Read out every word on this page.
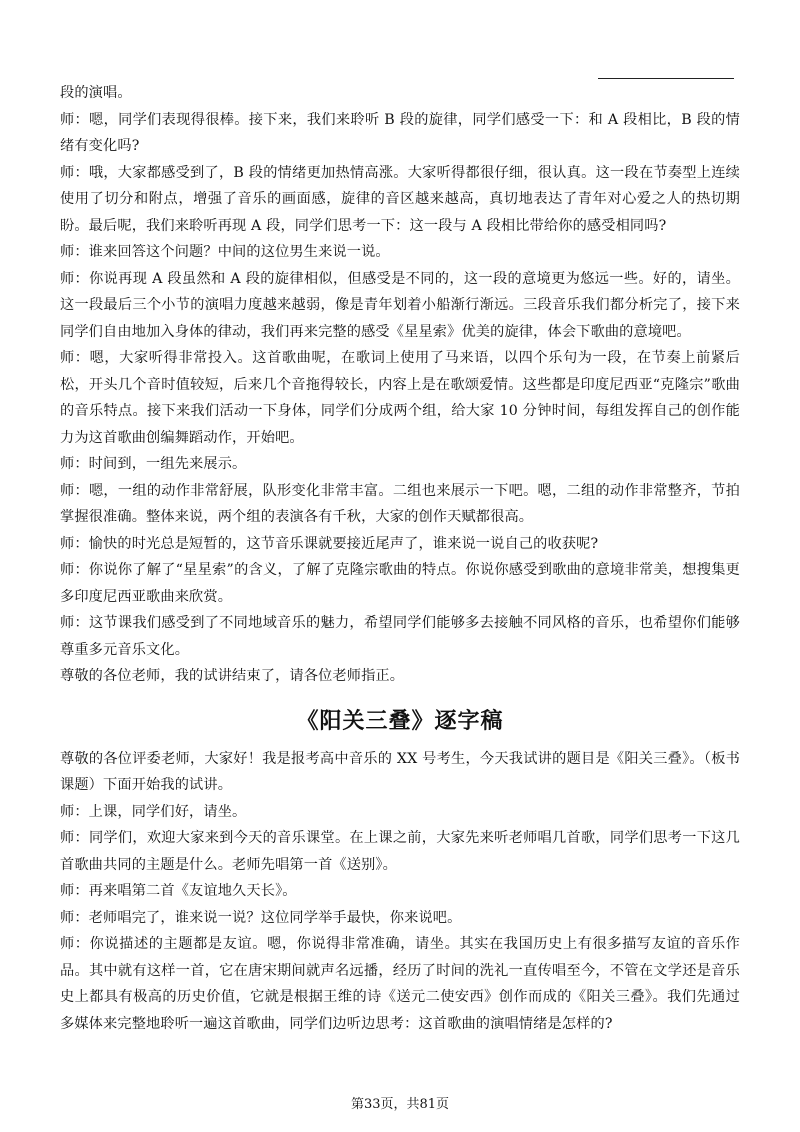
段的演唱。

师：嗯，同学们表现得很棒。接下来，我们来聆听 B 段的旋律，同学们感受一下：和 A 段相比，B 段的情绪有变化吗?

师：哦，大家都感受到了，B 段的情绪更加热情高涨。大家听得都很仔细，很认真。这一段在节奏型上连续使用了切分和附点，增强了音乐的画面感，旋律的音区越来越高，真切地表达了青年对心爱之人的热切期盼。最后呢，我们来聆听再现 A 段，同学们思考一下：这一段与 A 段相比带给你的感受相同吗?

师：谁来回答这个问题？中间的这位男生来说一说。

师：你说再现 A 段虽然和 A 段的旋律相似，但感受是不同的，这一段的意境更为悠远一些。好的，请坐。这一段最后三个小节的演唱力度越来越弱，像是青年划着小船渐行渐远。三段音乐我们都分析完了，接下来同学们自由地加入身体的律动，我们再来完整的感受《星星索》优美的旋律，体会下歌曲的意境吧。

师：嗯，大家听得非常投入。这首歌曲呢，在歌词上使用了马来语，以四个乐句为一段，在节奏上前紧后松，开头几个音时值较短，后来几个音拖得较长，内容上是在歌颂爱情。这些都是印度尼西亚“克隆宗”歌曲的音乐特点。接下来我们活动一下身体，同学们分成两个组，给大家 10 分钟时间，每组发挥自己的创作能力为这首歌曲创编舞蹈动作，开始吧。

师：时间到，一组先来展示。

师：嗯，一组的动作非常舒展，队形变化非常丰富。二组也来展示一下吧。嗯，二组的动作非常整齐，节拍掌握很准确。整体来说，两个组的表演各有千秋，大家的创作天赋都很高。

师：愉快的时光总是短暂的，这节音乐课就要接近尾声了，谁来说一说自己的收获呢?

师：你说你了解了“星星索”的含义，了解了克隆宗歌曲的特点。你说你感受到歌曲的意境非常美，想搜集更多印度尼西亚歌曲来欣赏。

师：这节课我们感受到了不同地域音乐的魅力，希望同学们能够多去接触不同风格的音乐，也希望你们能够尊重多元音乐文化。

尊敬的各位老师，我的试讲结束了，请各位老师指正。

《阳关三叠》逐字稿

尊敬的各位评委老师，大家好！我是报考高中音乐的 XX 号考生，今天我试讲的题目是《阳关三叠》。（板书课题）下面开始我的试讲。

师：上课，同学们好，请坐。

师：同学们，欢迎大家来到今天的音乐课堂。在上课之前，大家先来听老师唱几首歌，同学们思考一下这几首歌曲共同的主题是什么。老师先唱第一首《送别》。

师：再来唱第二首《友谊地久天长》。

师：老师唱完了，谁来说一说？这位同学举手最快，你来说吧。

师：你说描述的主题都是友谊。嗯，你说得非常准确，请坐。其实在我国历史上有很多描写友谊的音乐作品。其中就有这样一首，它在唐宋期间就声名远播，经历了时间的洗礼一直传唱至今，不管在文学还是音乐史上都具有极高的历史价值，它就是根据王维的诗《送元二使安西》创作而成的《阳关三叠》。我们先通过多媒体来完整地聆听一遍这首歌曲，同学们边听边思考：这首歌曲的演唱情绪是怎样的?

第33页，共81页
